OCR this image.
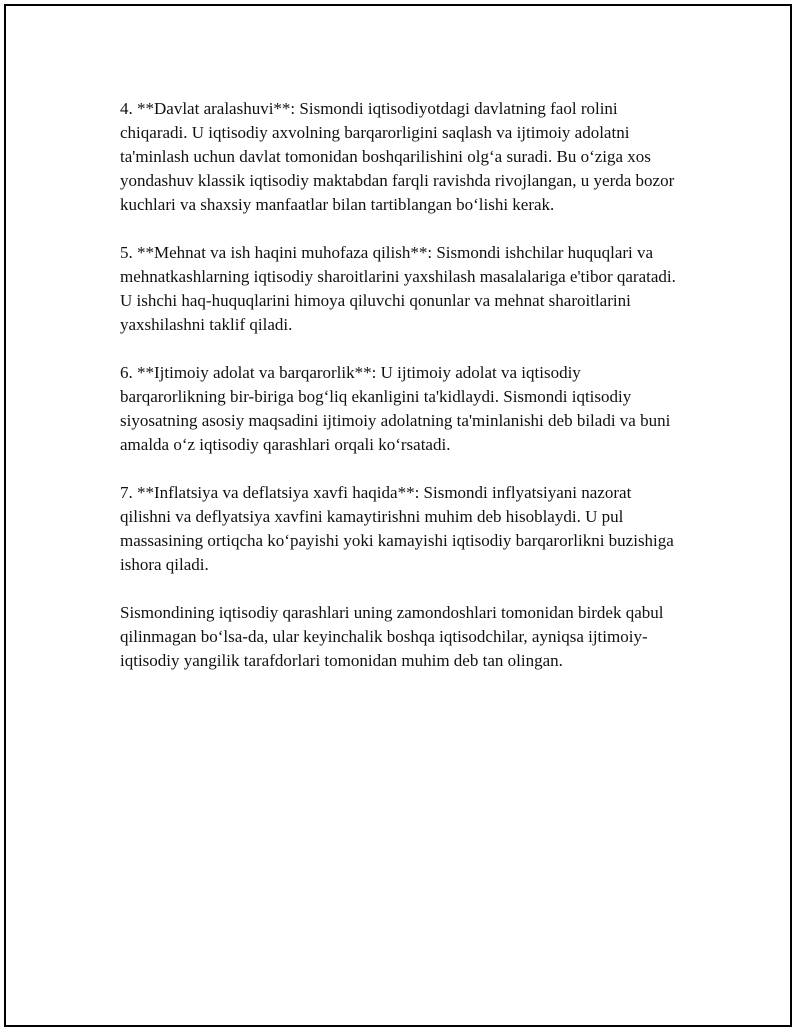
4. **Davlat aralashuvi**: Sismondi iqtisodiyotdagi davlatning faol rolini chiqaradi. U iqtisodiy axvolning barqarorligini saqlash va ijtimoiy adolatni ta'minlash uchun davlat tomonidan boshqarilishini olg‘a suradi. Bu o‘ziga xos yondashuv klassik iqtisodiy maktabdan farqli ravishda rivojlangan, u yerda bozor kuchlari va shaxsiy manfaatlar bilan tartiblangan bo‘lishi kerak.

5. **Mehnat va ish haqini muhofaza qilish**: Sismondi ishchilar huquqlari va mehnatkashlarning iqtisodiy sharoitlarini yaxshilash masalalariga e'tibor qaratadi. U ishchi haq-huquqlarini himoya qiluvchi qonunlar va mehnat sharoitlarini yaxshilashni taklif qiladi.

6. **Ijtimoiy adolat va barqarorlik**: U ijtimoiy adolat va iqtisodiy barqarorlikning bir-biriga bog‘liq ekanligini ta'kidlaydi. Sismondi iqtisodiy siyosatning asosiy maqsadini ijtimoiy adolatning ta'minlanishi deb biladi va buni amalda o‘z iqtisodiy qarashlari orqali ko‘rsatadi.

7. **Inflatsiya va deflatsiya xavfi haqida**: Sismondi inflyatsiyani nazorat qilishni va deflyatsiya xavfini kamaytirishni muhim deb hisoblaydi. U pul massasining ortiqcha ko‘payishi yoki kamayishi iqtisodiy barqarorlikni buzishiga ishora qiladi.

Sismondining iqtisodiy qarashlari uning zamondoshlari tomonidan birdek qabul qilinmagan bo‘lsa-da, ular keyinchalik boshqa iqtisodchilar, ayniqsa ijtimoiy-iqtisodiy yangilik tarafdorlari tomonidan muhim deb tan olingan.
